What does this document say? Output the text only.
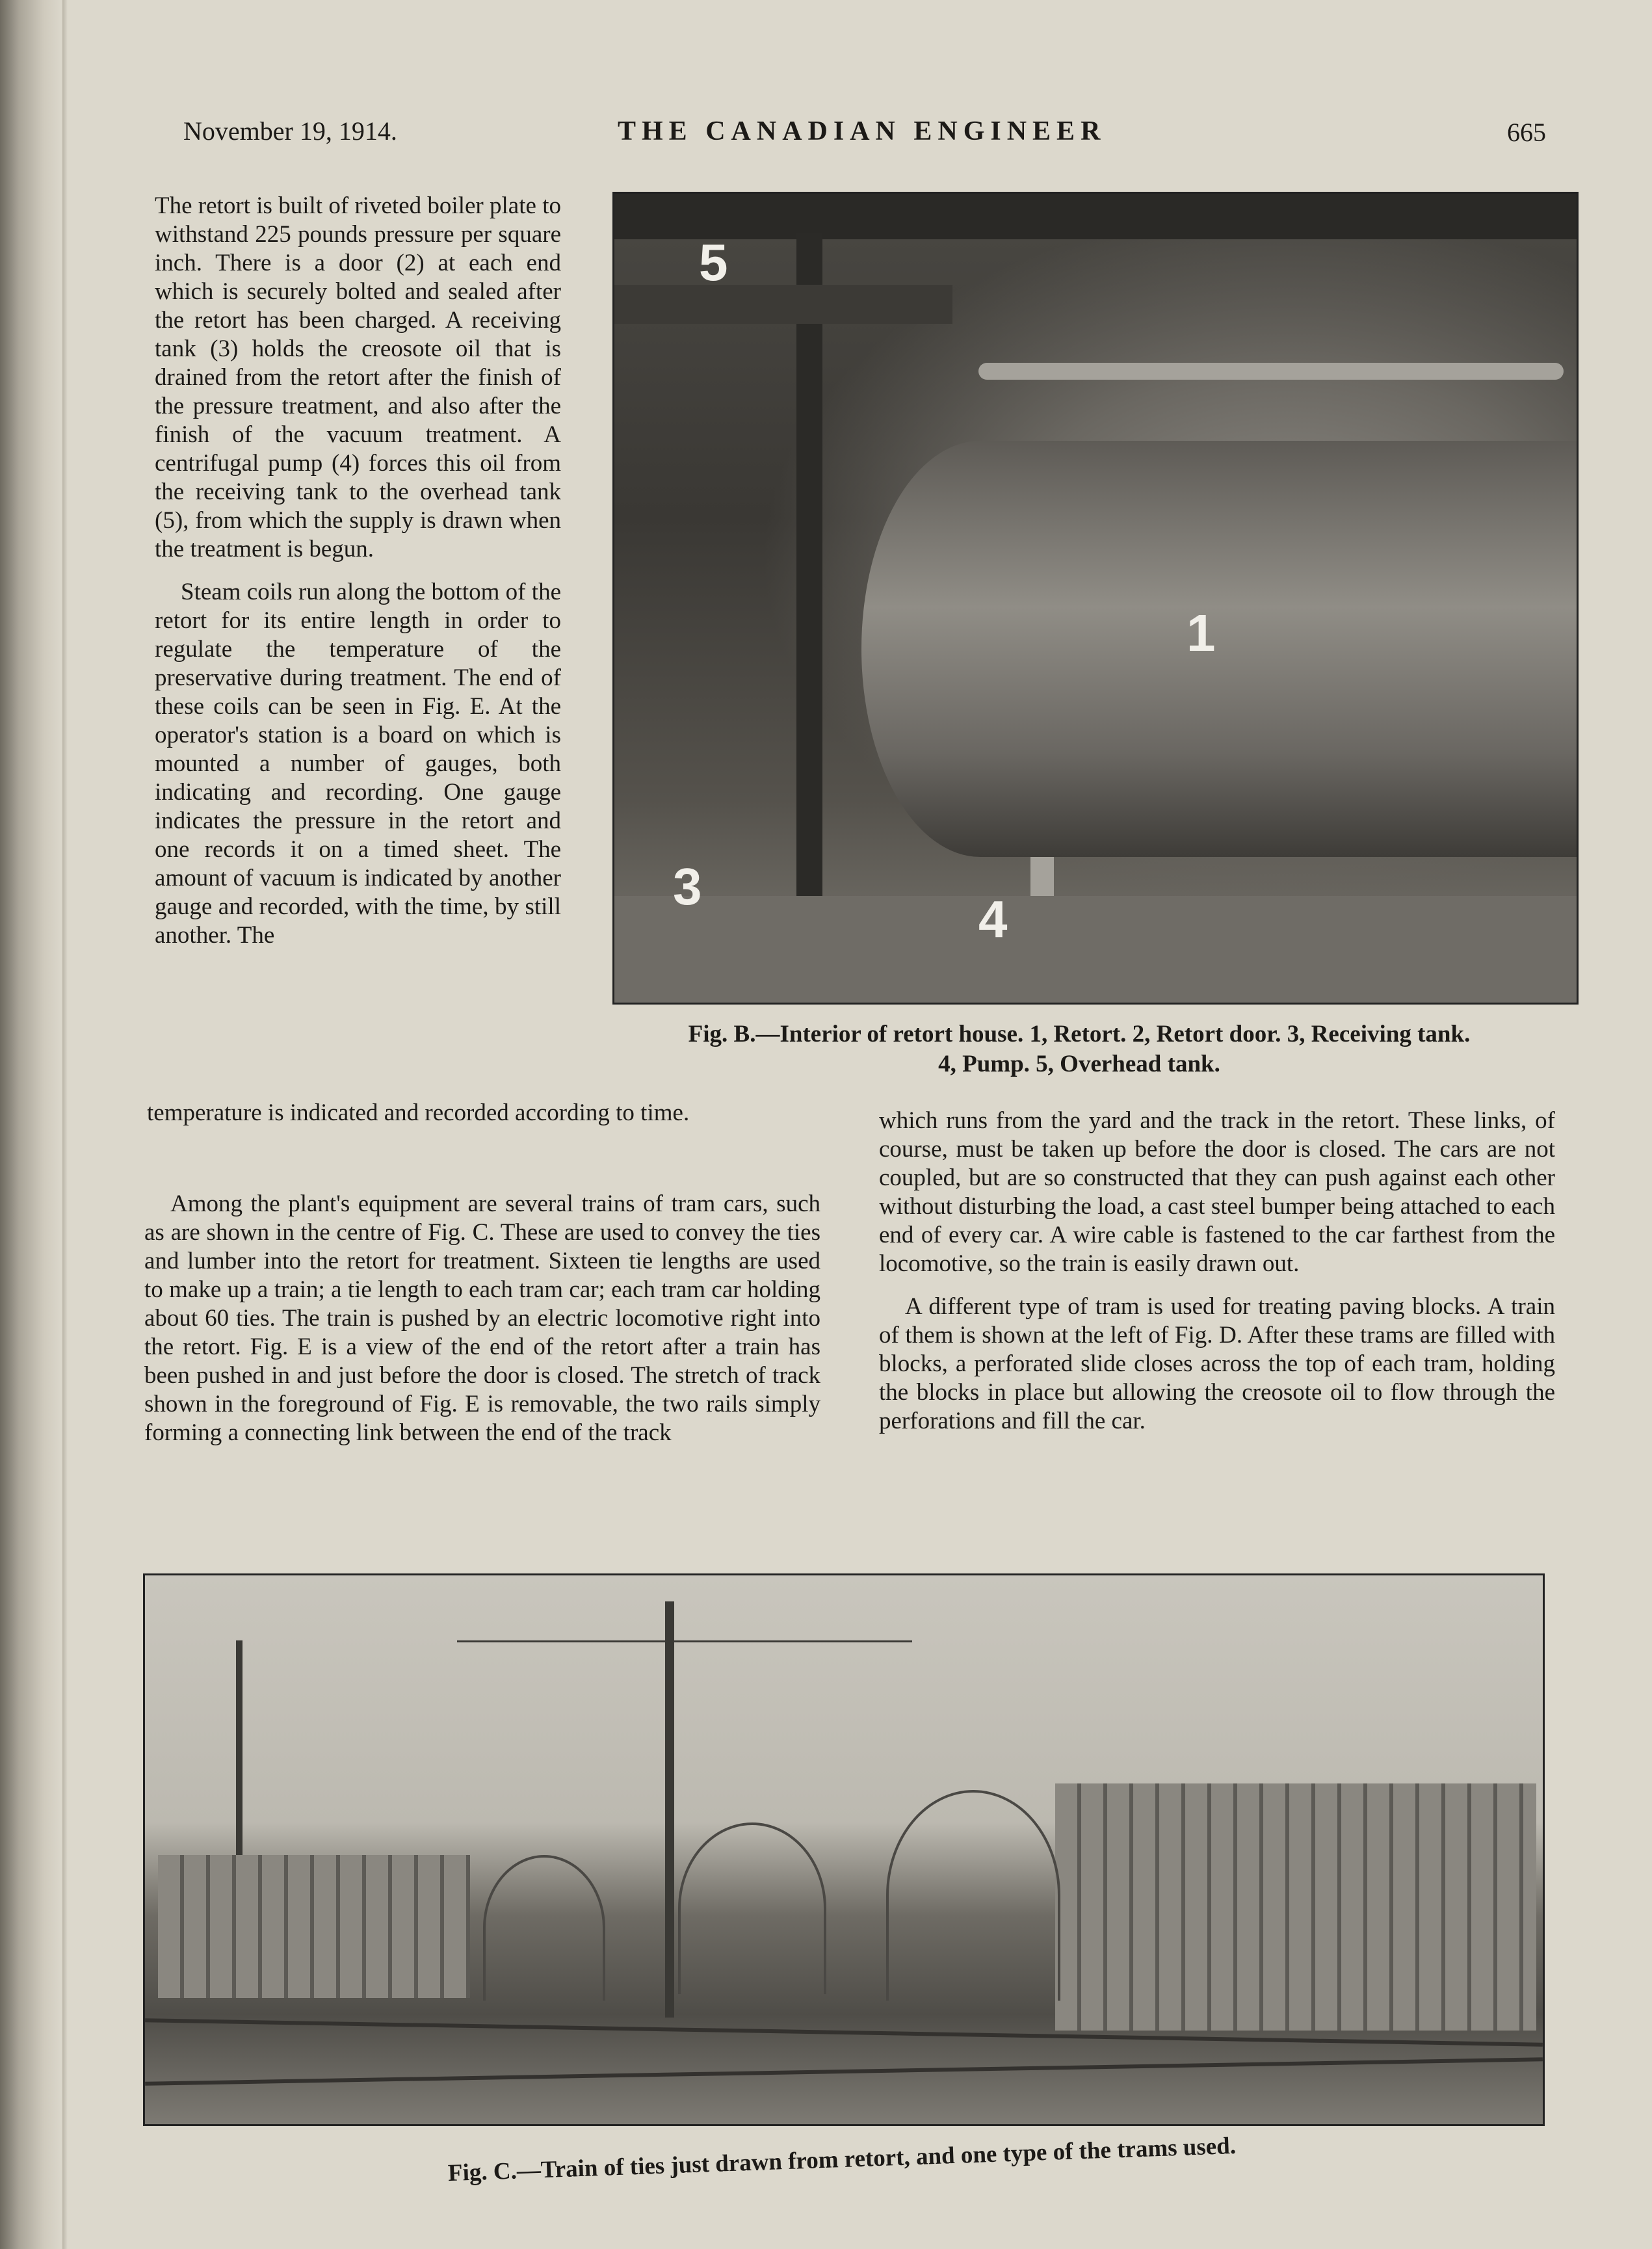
November 19, 1914.	THE CANADIAN ENGINEER	665

The retort is built of riveted boiler plate to withstand 225 pounds pressure per square inch. There is a door (2) at each end which is securely bolted and sealed after the retort has been charged. A receiving tank (3) holds the creosote oil that is drained from the retort after the finish of the pressure treatment, and also after the finish of the vacuum treatment. A centrifugal pump (4) forces this oil from the receiving tank to the overhead tank (5), from which the supply is drawn when the treatment is begun.

Steam coils run along the bottom of the retort for its entire length in order to regulate the temperature of the preservative during treatment. The end of these coils can be seen in Fig. E. At the operator's station is a board on which is mounted a number of gauges, both indicating and recording. One gauge indicates the pressure in the retort and one records it on a timed sheet. The amount of vacuum is indicated by another gauge and recorded, with the time, by still another. The

temperature is indicated and recorded according to time.

Among the plant's equipment are several trains of tram cars, such as are shown in the centre of Fig. C. These are used to convey the ties and lumber into the retort for treatment. Sixteen tie lengths are used to make up a train; a tie length to each tram car; each tram car holding about 60 ties. The train is pushed by an electric locomotive right into the retort. Fig. E is a view of the end of the retort after a train has been pushed in and just before the door is closed. The stretch of track shown in the foreground of Fig. E is removable, the two rails simply forming a connecting link between the end of the track

which runs from the yard and the track in the retort. These links, of course, must be taken up before the door is closed. The cars are not coupled, but are so constructed that they can push against each other without disturbing the load, a cast steel bumper being attached to each end of every car. A wire cable is fastened to the car farthest from the locomotive, so the train is easily drawn out.

A different type of tram is used for treating paving blocks. A train of them is shown at the left of Fig. D. After these trams are filled with blocks, a perforated slide closes across the top of each tram, holding the blocks in place but allowing the creosote oil to flow through the perforations and fill the car.

5
1
3
4
Fig. B.—Interior of retort house. 1, Retort. 2, Retort door. 3, Receiving tank.
4, Pump. 5, Overhead tank.
Fig. C.—Train of ties just drawn from retort, and one type of the trams used.
